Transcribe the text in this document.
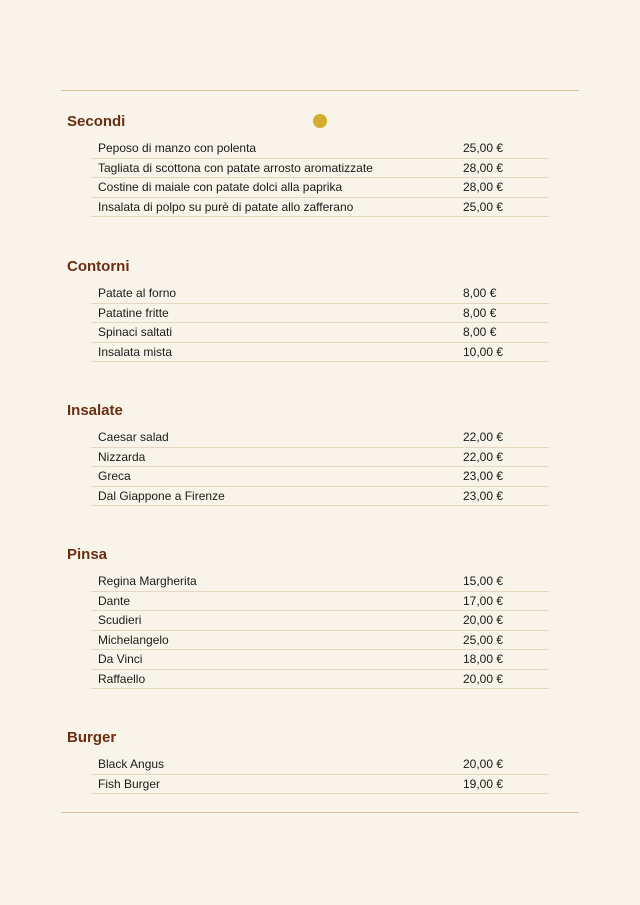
Secondi
Peposo di manzo con polenta	25,00 €
Tagliata di scottona con patate arrosto aromatizzate	28,00 €
Costine di maiale con patate dolci alla paprika	28,00 €
Insalata di polpo su purè di patate allo zafferano	25,00 €
Contorni
Patate al forno	8,00 €
Patatine fritte	8,00 €
Spinaci saltati	8,00 €
Insalata mista	10,00 €
Insalate
Caesar salad	22,00 €
Nizzarda	22,00 €
Greca	23,00 €
Dal Giappone a Firenze	23,00 €
Pinsa
Regina Margherita	15,00 €
Dante	17,00 €
Scudieri	20,00 €
Michelangelo	25,00 €
Da Vinci	18,00 €
Raffaello	20,00 €
Burger
Black Angus	20,00 €
Fish Burger	19,00 €
